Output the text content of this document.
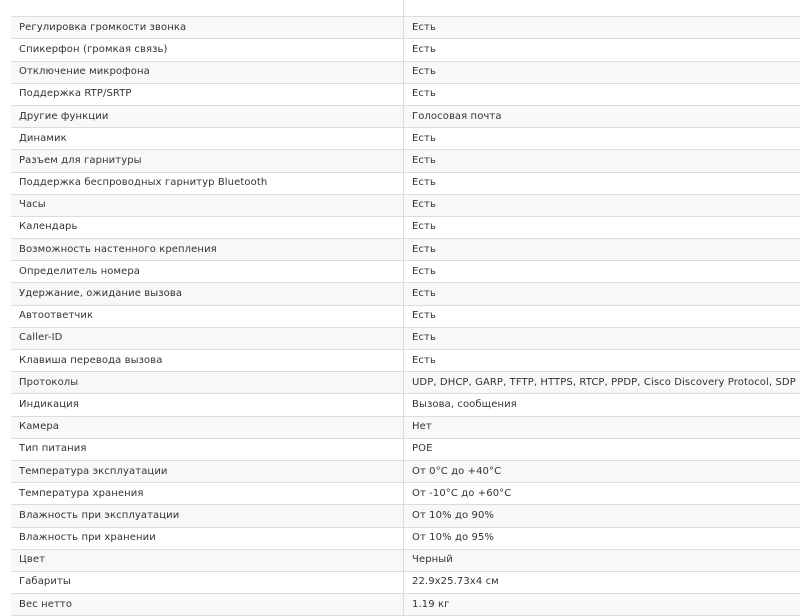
Регулировка громкости звонка	Есть
Спикерфон (громкая связь)	Есть
Отключение микрофона	Есть
Поддержка RTP/SRTP	Есть
Другие функции	Голосовая почта
Динамик	Есть
Разъем для гарнитуры	Есть
Поддержка беспроводных гарнитур Bluetooth	Есть
Часы	Есть
Календарь	Есть
Возможность настенного крепления	Есть
Определитель номера	Есть
Удержание, ожидание вызова	Есть
Автоответчик	Есть
Caller-ID	Есть
Клавиша перевода вызова	Есть
Протоколы	UDP, DHCP, GARP, TFTP, HTTPS, RTCP, PPDP, Cisco Discovery Protocol, SDP
Индикация	Вызова, сообщения
Камера	Нет
Тип питания	POE
Температура эксплуатации	От 0°C до +40°C
Температура хранения	От -10°C до +60°C
Влажность при эксплуатации	От 10% до 90%
Влажность при хранении	От 10% до 95%
Цвет	Черный
Габариты	22.9x25.73x4 см
Вес нетто	1.19 кг
